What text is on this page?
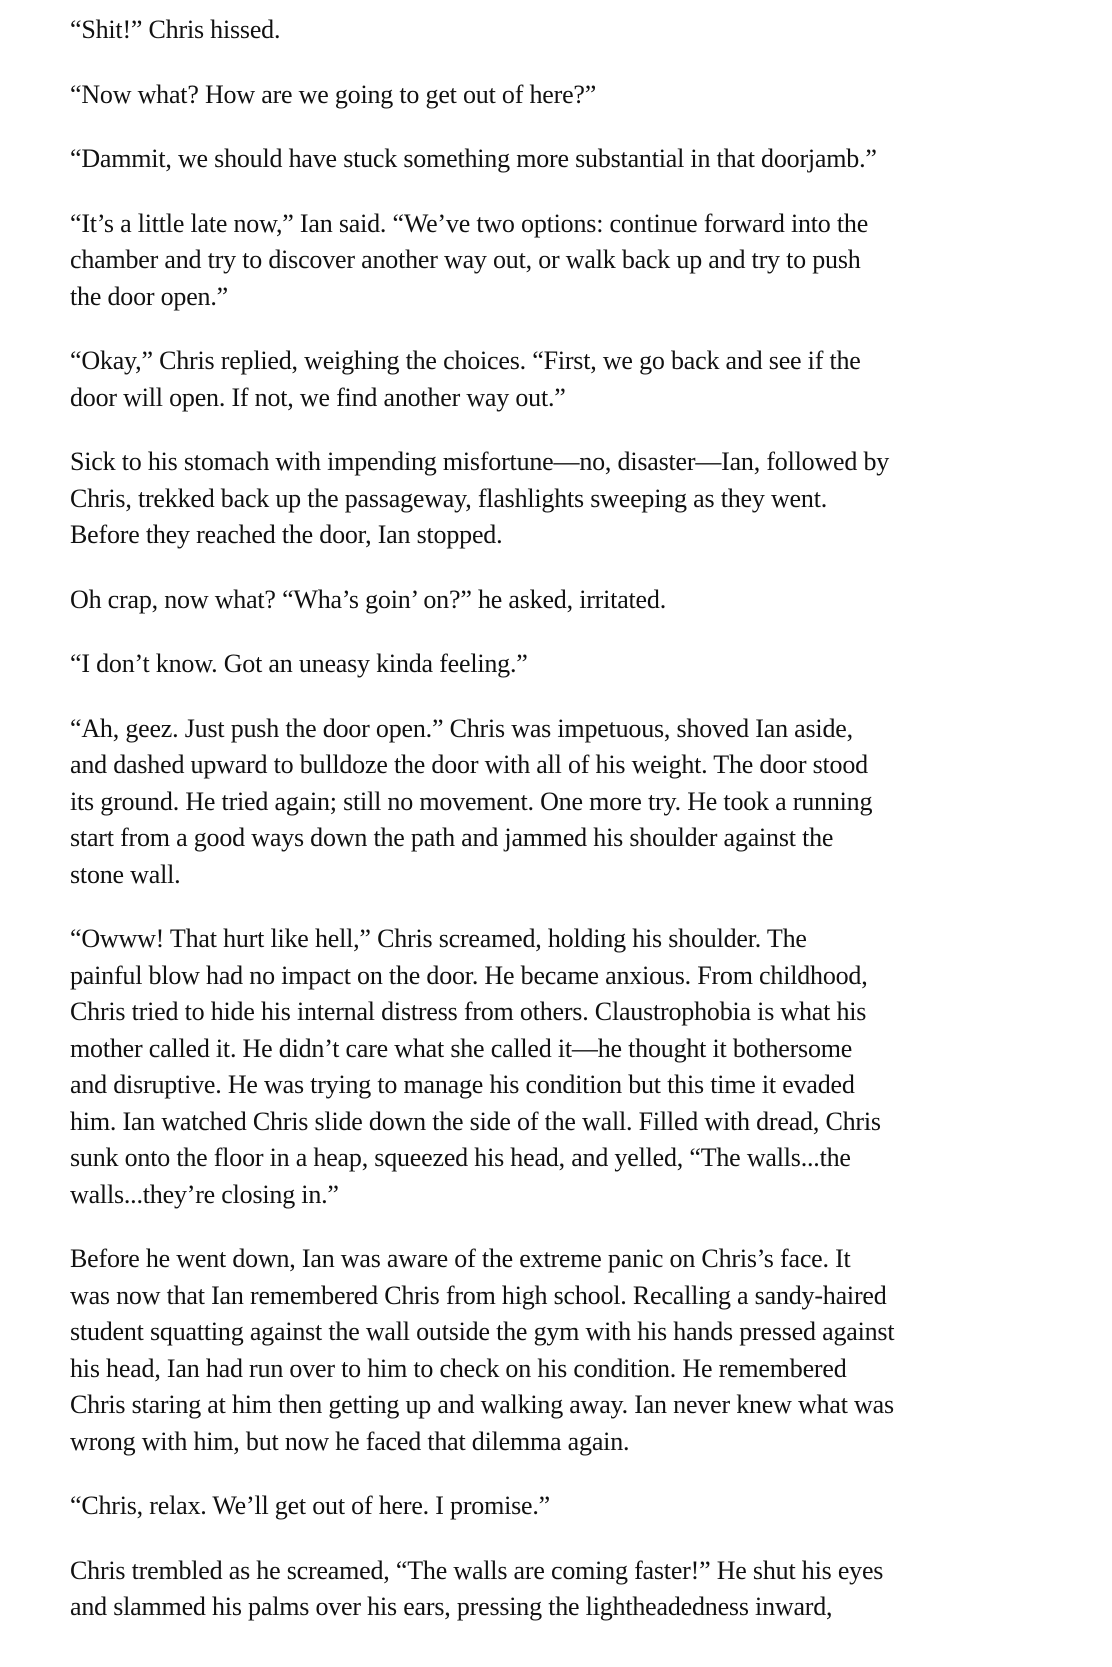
“Shit!” Chris hissed.

“Now what? How are we going to get out of here?”

“Dammit, we should have stuck something more substantial in that doorjamb.”

“It’s a little late now,” Ian said. “We’ve two options: continue forward into the
chamber and try to discover another way out, or walk back up and try to push
the door open.”

“Okay,” Chris replied, weighing the choices. “First, we go back and see if the
door will open. If not, we find another way out.”

Sick to his stomach with impending misfortune—no, disaster—Ian, followed by
Chris, trekked back up the passageway, flashlights sweeping as they went.
Before they reached the door, Ian stopped.

Oh crap, now what? “Wha’s goin’ on?” he asked, irritated.

“I don’t know. Got an uneasy kinda feeling.”

“Ah, geez. Just push the door open.” Chris was impetuous, shoved Ian aside,
and dashed upward to bulldoze the door with all of his weight. The door stood
its ground. He tried again; still no movement. One more try. He took a running
start from a good ways down the path and jammed his shoulder against the
stone wall.

“Owww! That hurt like hell,” Chris screamed, holding his shoulder. The
painful blow had no impact on the door. He became anxious. From childhood,
Chris tried to hide his internal distress from others. Claustrophobia is what his
mother called it. He didn’t care what she called it—he thought it bothersome
and disruptive. He was trying to manage his condition but this time it evaded
him. Ian watched Chris slide down the side of the wall. Filled with dread, Chris
sunk onto the floor in a heap, squeezed his head, and yelled, “The walls...the
walls...they’re closing in.”

Before he went down, Ian was aware of the extreme panic on Chris’s face. It
was now that Ian remembered Chris from high school. Recalling a sandy-haired
student squatting against the wall outside the gym with his hands pressed against
his head, Ian had run over to him to check on his condition. He remembered
Chris staring at him then getting up and walking away. Ian never knew what was
wrong with him, but now he faced that dilemma again.

“Chris, relax. We’ll get out of here. I promise.”

Chris trembled as he screamed, “The walls are coming faster!” He shut his eyes
and slammed his palms over his ears, pressing the lightheadedness inward,
